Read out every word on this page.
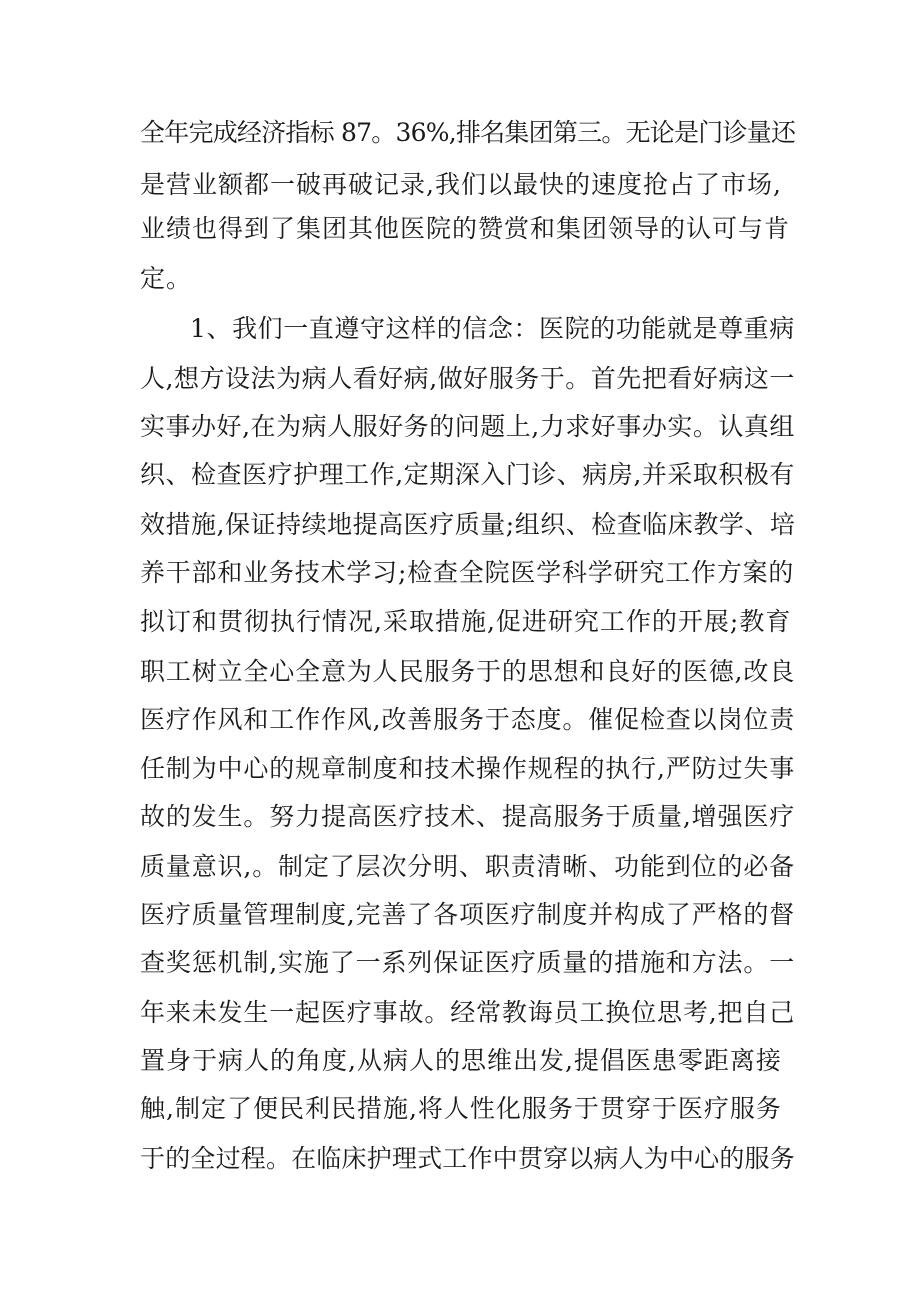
全年完成经济指标 87。36%,排名集团第三。无论是门诊量还

是营业额都一破再破记录,我们以最快的速度抢占了市场,

业绩也得到了集团其他医院的赞赏和集团领导的认可与肯

定。

1、我们一直遵守这样的信念：医院的功能就是尊重病

人,想方设法为病人看好病,做好服务于。首先把看好病这一

实事办好,在为病人服好务的问题上,力求好事办实。认真组

织、检查医疗护理工作,定期深入门诊、病房,并采取积极有

效措施,保证持续地提高医疗质量;组织、检查临床教学、培

养干部和业务技术学习;检查全院医学科学研究工作方案的

拟订和贯彻执行情况,采取措施,促进研究工作的开展;教育

职工树立全心全意为人民服务于的思想和良好的医德,改良

医疗作风和工作作风,改善服务于态度。催促检查以岗位责

任制为中心的规章制度和技术操作规程的执行,严防过失事

故的发生。努力提高医疗技术、提高服务于质量,增强医疗

质量意识,。制定了层次分明、职责清晰、功能到位的必备

医疗质量管理制度,完善了各项医疗制度并构成了严格的督

查奖惩机制,实施了一系列保证医疗质量的措施和方法。一

年来未发生一起医疗事故。经常教诲员工换位思考,把自己

置身于病人的角度,从病人的思维出发,提倡医患零距离接

触,制定了便民利民措施,将人性化服务于贯穿于医疗服务

于的全过程。在临床护理式工作中贯穿以病人为中心的服务
